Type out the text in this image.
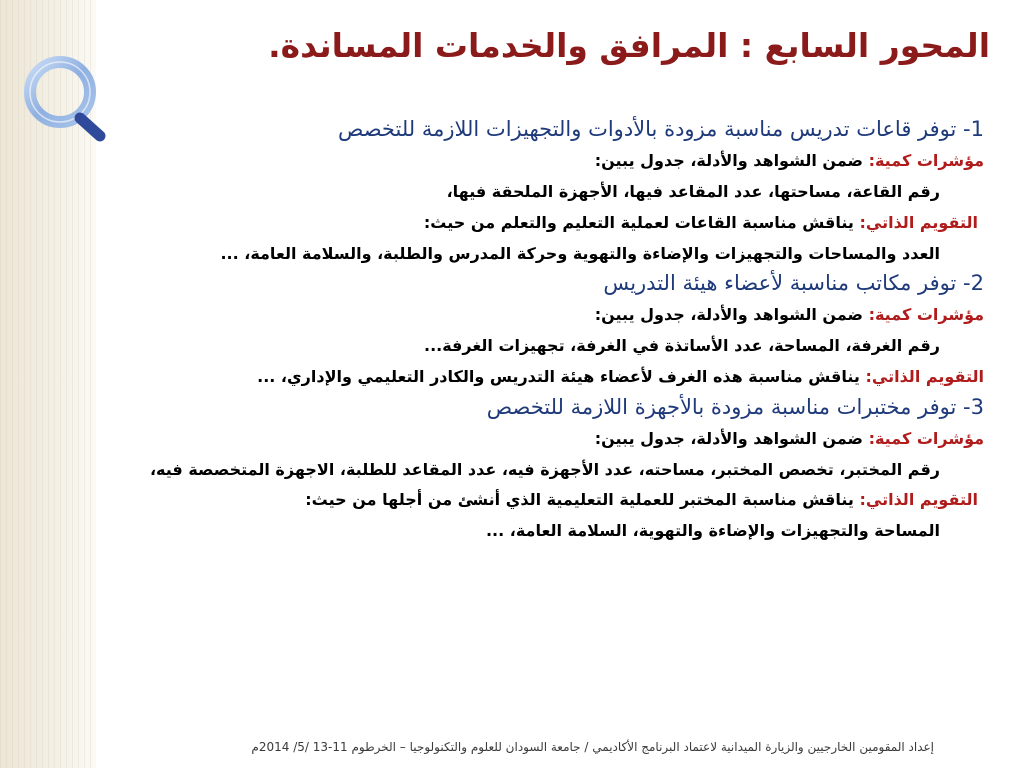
المحور السابع : المرافق والخدمات المساندة.
1- توفر قاعات تدريس مناسبة مزودة بالأدوات والتجهيزات اللازمة للتخصص
مؤشرات كمية: ضمن الشواهد والأدلة، جدول يبين:
رقم القاعة، مساحتها، عدد المقاعد فيها، الأجهزة الملحقة فيها،
التقويم الذاتي: يناقش مناسبة القاعات لعملية التعليم والتعلم من حيث:
العدد والمساحات والتجهيزات والإضاءة والتهوية وحركة المدرس والطلبة، والسلامة العامة، ...
2- توفر مكاتب مناسبة لأعضاء هيئة التدريس
مؤشرات كمية: ضمن الشواهد والأدلة، جدول يبين:
رقم الغرفة، المساحة، عدد الأساتذة في الغرفة، تجهيزات الغرفة...
التقويم الذاتي: يناقش مناسبة هذه الغرف لأعضاء هيئة التدريس والكادر التعليمي والإداري، ...
3- توفر مختبرات مناسبة مزودة بالأجهزة اللازمة للتخصص
مؤشرات كمية: ضمن الشواهد والأدلة، جدول يبين:
رقم المختبر، تخصص المختبر، مساحته، عدد الأجهزة فيه، عدد المقاعد للطلبة، الاجهزة المتخصصة فيه،
التقويم الذاتي: يناقش مناسبة المختبر للعملية التعليمية الذي أنشئ من أجلها من حيث:
المساحة والتجهيزات والإضاءة والتهوية، السلامة العامة، ...
إعداد المقومين الخارجيين والزيارة الميدانية لاعتماد البرنامج الأكاديمي / جامعة السودان للعلوم والتكنولوجيا – الخرطوم 11-13 /5/ 2014م
